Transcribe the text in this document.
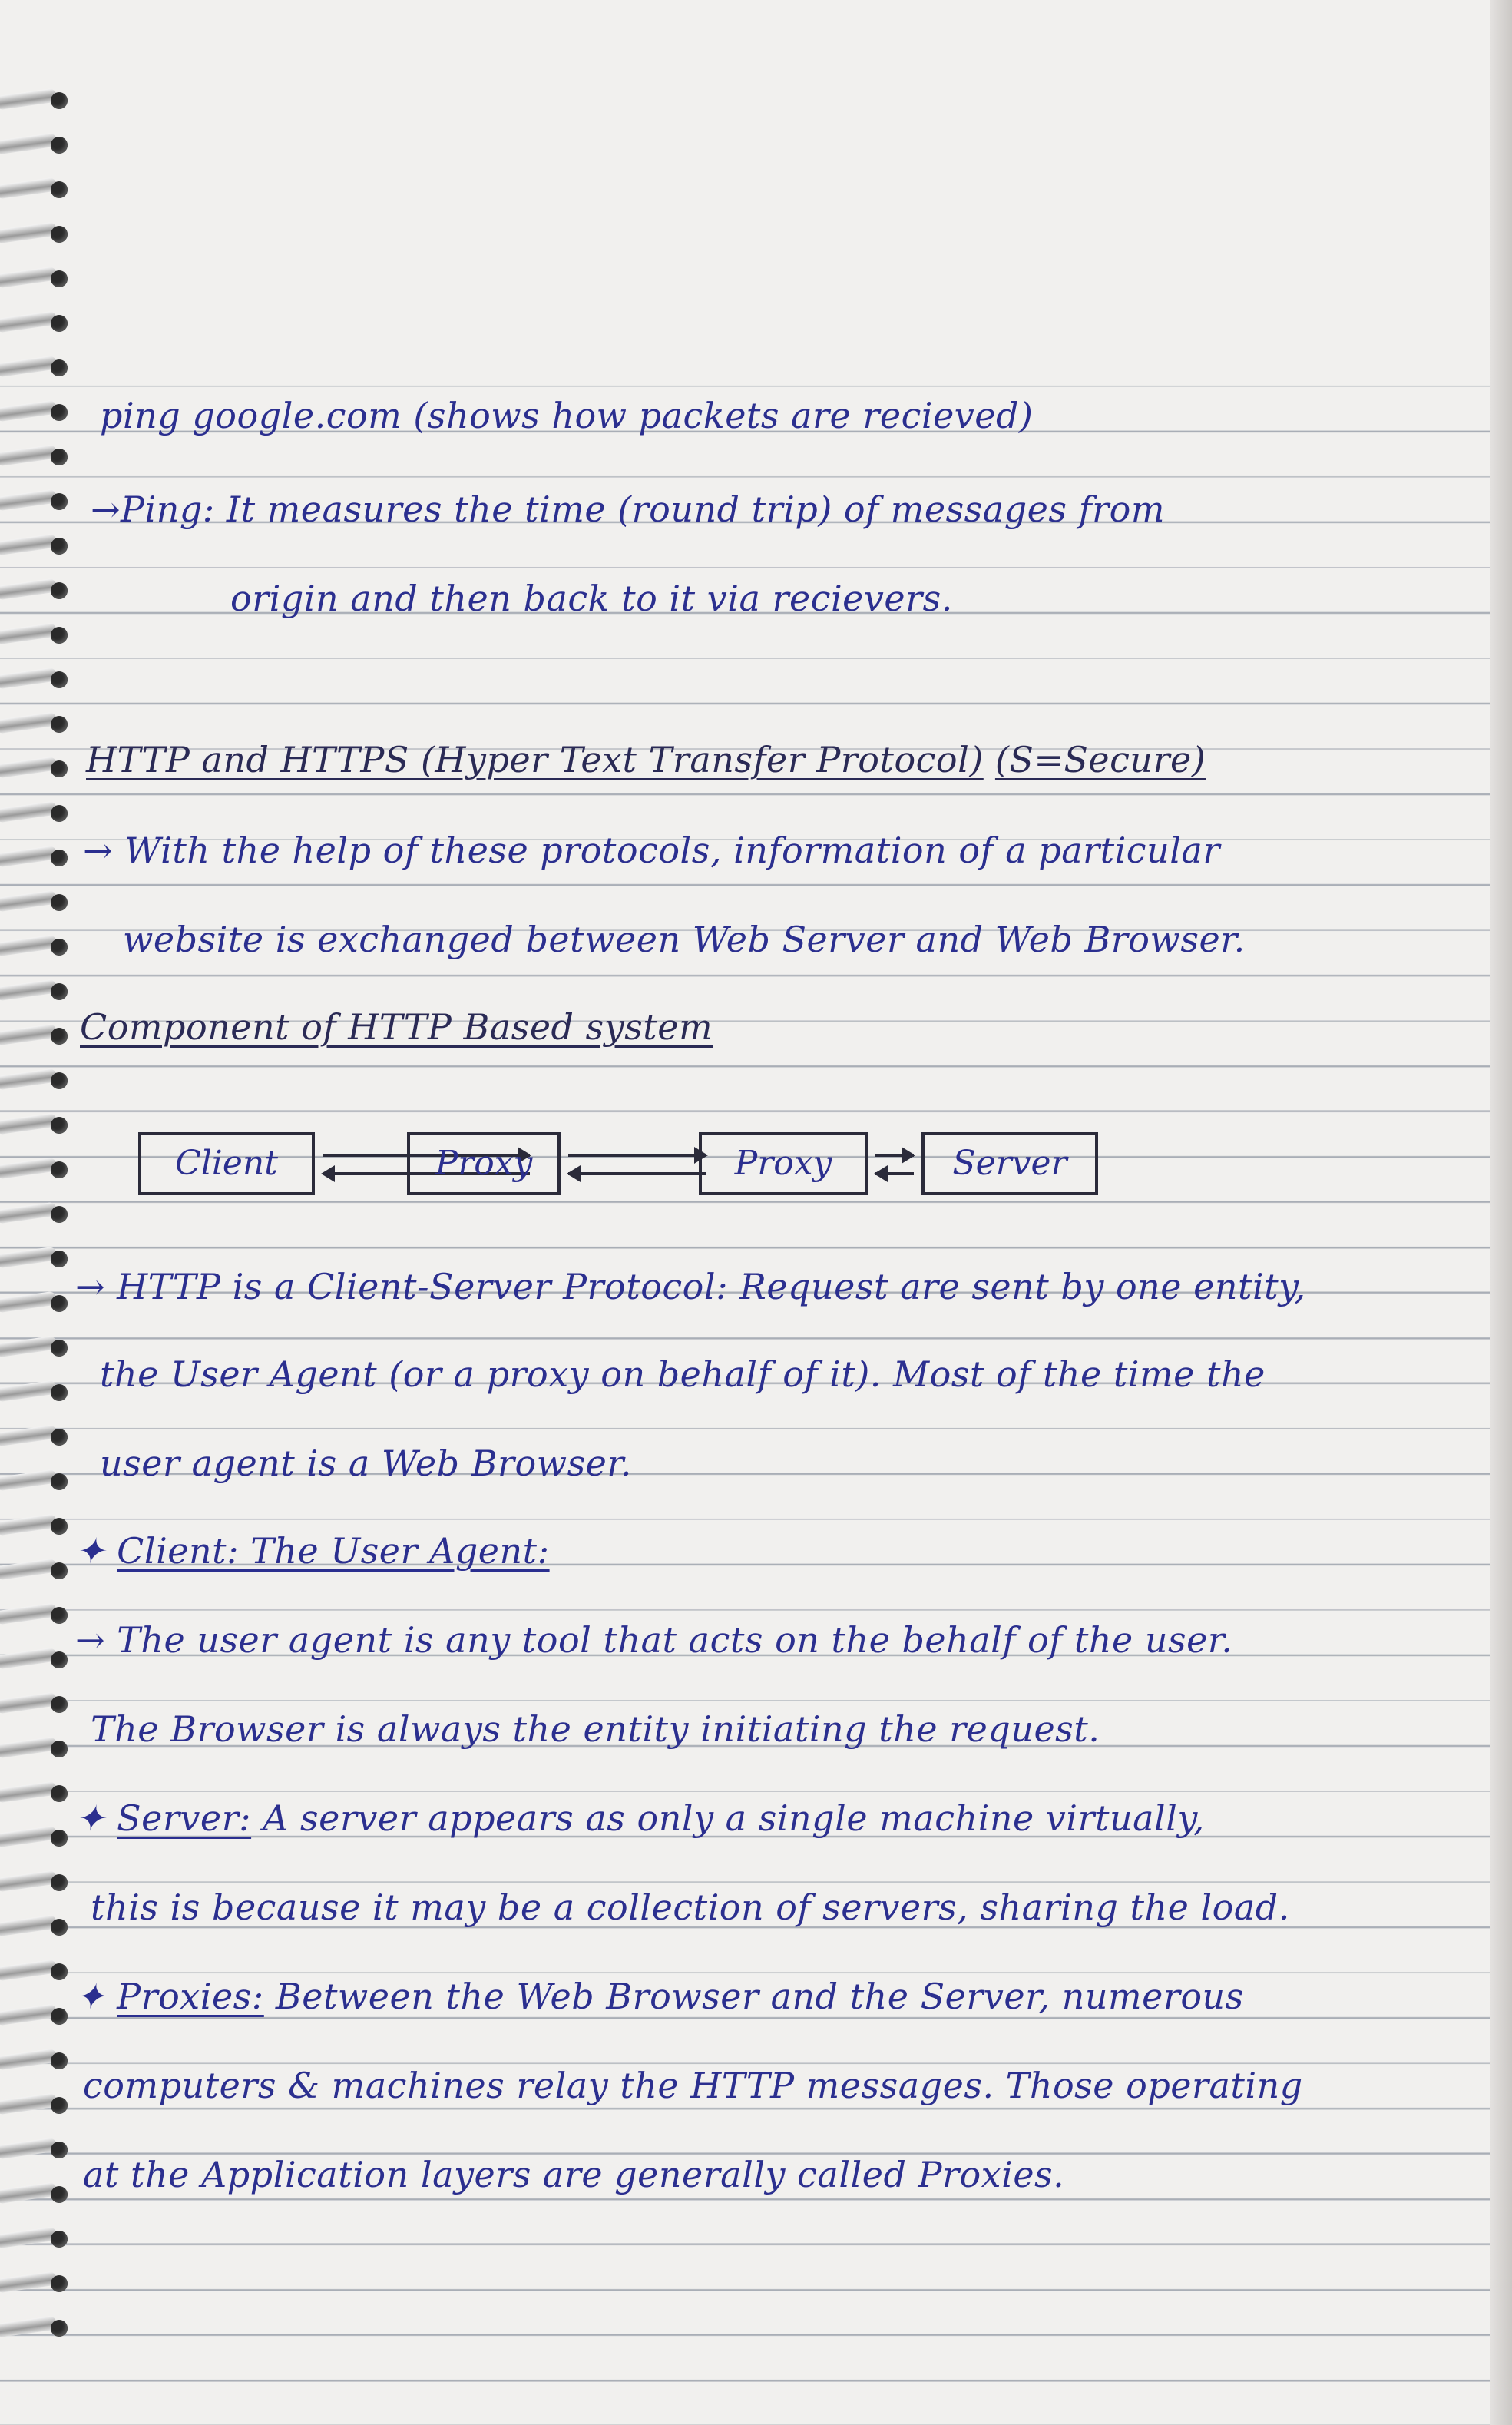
ping google.com (shows how packets are recieved)
→Ping: It measures the time (round trip) of messages from
origin and then back to it via recievers.
HTTP and HTTPS (Hyper Text Transfer Protocol) (S=Secure)
→ With the help of these protocols, information of a particular
website is exchanged between Web Server and Web Browser.
Component of HTTP Based system
Client	Proxy	Proxy	Server
→ HTTP is a Client-Server Protocol: Request are sent by one entity,
the User Agent (or a proxy on behalf of it). Most of the time the
user agent is a Web Browser.
✦ Client: The User Agent:
→ The user agent is any tool that acts on the behalf of the user.
The Browser is always the entity initiating the request.
✦ Server: A server appears as only a single machine virtually,
this is because it may be a collection of servers, sharing the load.
✦ Proxies: Between the Web Browser and the Server, numerous
computers & machines relay the HTTP messages. Those operating
at the Application layers are generally called Proxies.
